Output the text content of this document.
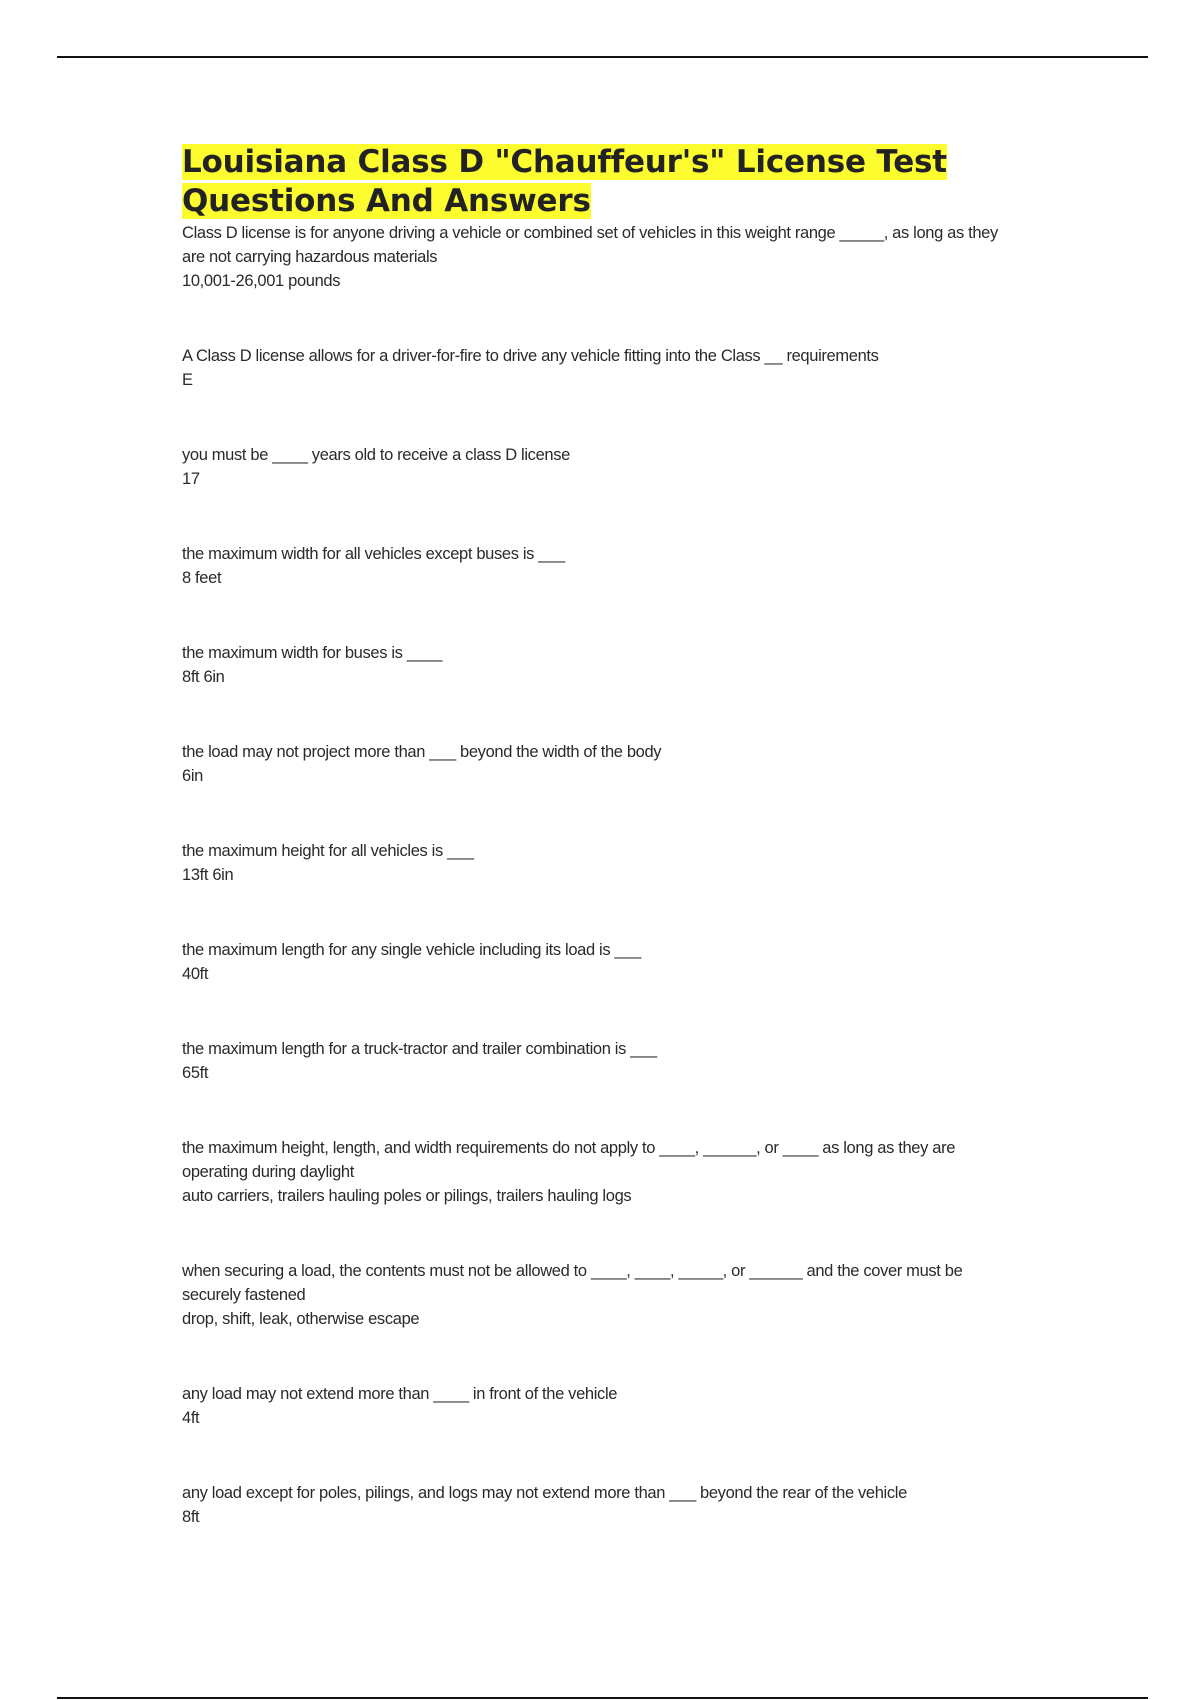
Louisiana Class D "Chauffeur's" License Test Questions And Answers
Class D license is for anyone driving a vehicle or combined set of vehicles in this weight range _____, as long as they are not carrying hazardous materials
10,001-26,001 pounds
A Class D license allows for a driver-for-fire to drive any vehicle fitting into the Class __ requirements
E
you must be ____ years old to receive a class D license
17
the maximum width for all vehicles except buses is ___
8 feet
the maximum width for buses is ____
8ft 6in
the load may not project more than ___ beyond the width of the body
6in
the maximum height for all vehicles is ___
13ft 6in
the maximum length for any single vehicle including its load is ___
40ft
the maximum length for a truck-tractor and trailer combination is ___
65ft
the maximum height, length, and width requirements do not apply to ____, ______, or ____ as long as they are operating during daylight
auto carriers, trailers hauling poles or pilings, trailers hauling logs
when securing a load, the contents must not be allowed to ____, ____, _____, or ______ and the cover must be securely fastened
drop, shift, leak, otherwise escape
any load may not extend more than ____ in front of the vehicle
4ft
any load except for poles, pilings, and logs may not extend more than ___ beyond the rear of the vehicle
8ft
